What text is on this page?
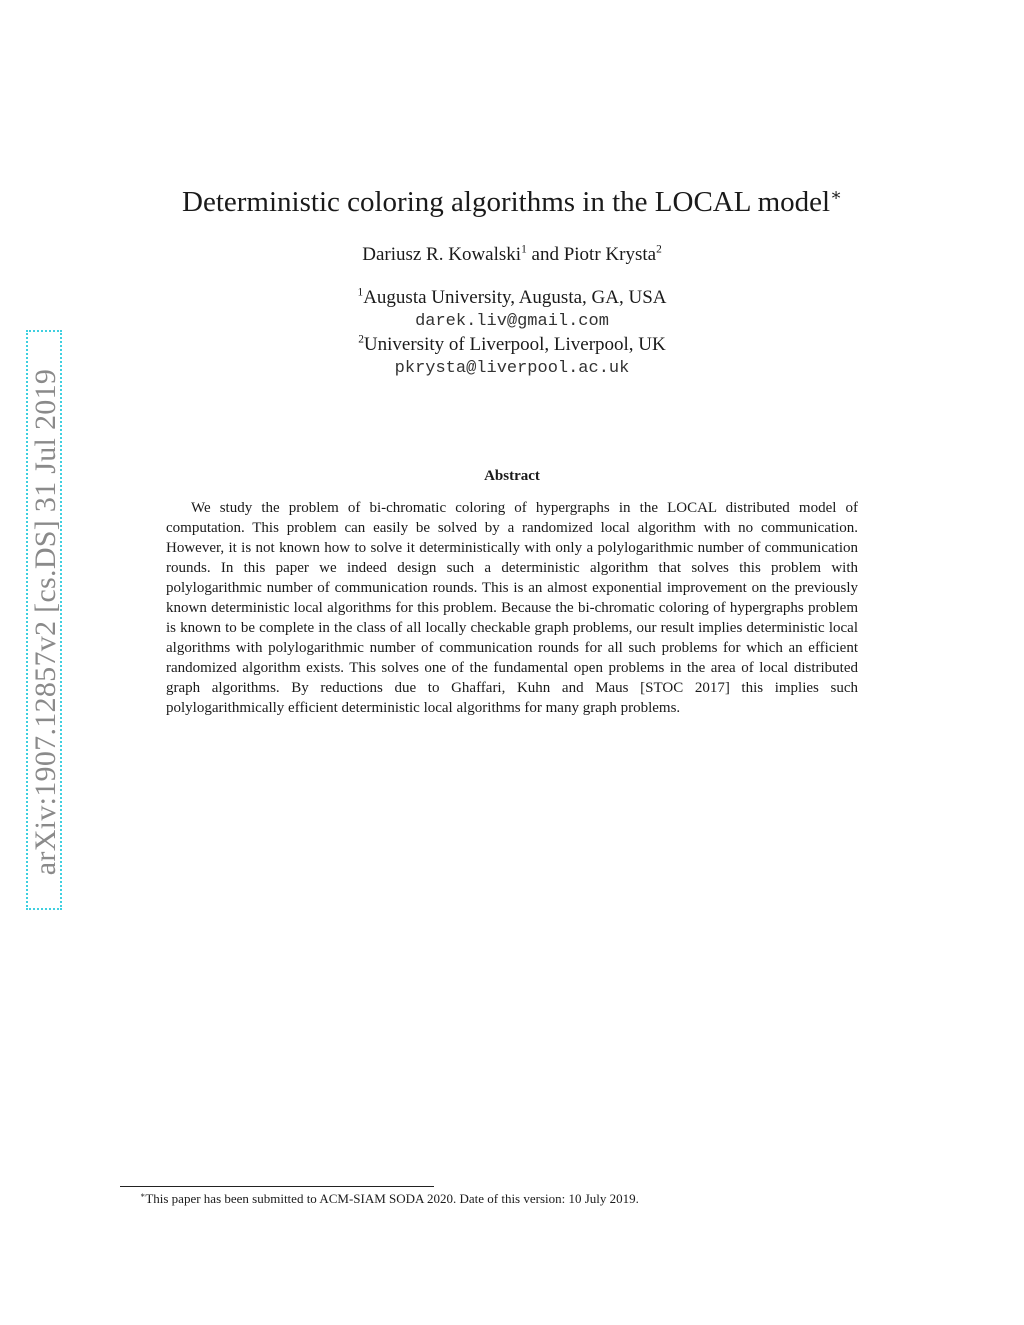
arXiv:1907.12857v2 [cs.DS] 31 Jul 2019
Deterministic coloring algorithms in the LOCAL model∗
Dariusz R. Kowalski$^1$ and Piotr Krysta$^2$
$^1$Augusta University, Augusta, GA, USA
darek.liv@gmail.com
$^2$University of Liverpool, Liverpool, UK
pkrysta@liverpool.ac.uk
Abstract

We study the problem of bi-chromatic coloring of hypergraphs in the LOCAL distributed model of computation. This problem can easily be solved by a randomized local algorithm with no communication. However, it is not known how to solve it deterministically with only a polylogarithmic number of communication rounds. In this paper we indeed design such a deterministic algorithm that solves this problem with polylogarithmic number of communication rounds. This is an almost exponential improvement on the previously known deterministic local algorithms for this problem. Because the bi-chromatic coloring of hypergraphs problem is known to be complete in the class of all locally checkable graph problems, our result implies deterministic local algorithms with polylogarithmic number of communication rounds for all such problems for which an efficient randomized algorithm exists. This solves one of the fundamental open problems in the area of local distributed graph algorithms. By reductions due to Ghaffari, Kuhn and Maus [STOC 2017] this implies such polylogarithmically efficient deterministic local algorithms for many graph problems.

∗This paper has been submitted to ACM-SIAM SODA 2020. Date of this version: 10 July 2019.
